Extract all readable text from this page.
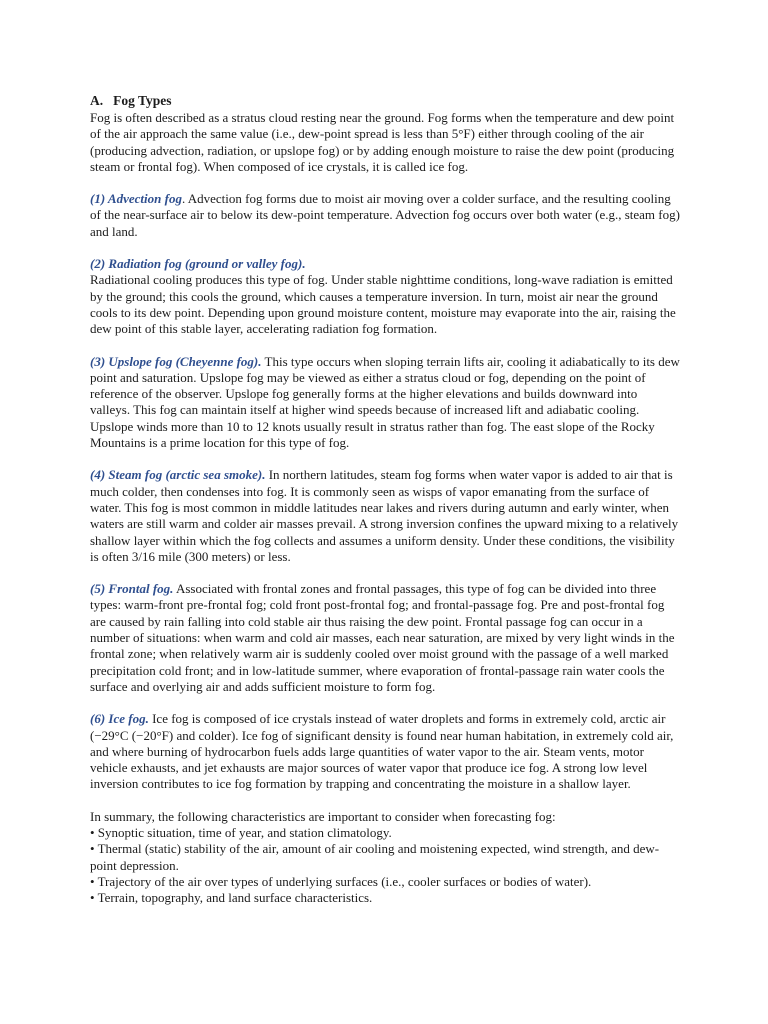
A. Fog Types

Fog is often described as a stratus cloud resting near the ground. Fog forms when the temperature and dew point of the air approach the same value (i.e., dew-point spread is less than 5°F) either through cooling of the air (producing advection, radiation, or upslope fog) or by adding enough moisture to raise the dew point (producing steam or frontal fog). When composed of ice crystals, it is called ice fog.

(1) Advection fog. Advection fog forms due to moist air moving over a colder surface, and the resulting cooling of the near-surface air to below its dew-point temperature. Advection fog occurs over both water (e.g., steam fog) and land.

(2) Radiation fog (ground or valley fog).

Radiational cooling produces this type of fog. Under stable nighttime conditions, long-wave radiation is emitted by the ground; this cools the ground, which causes a temperature inversion. In turn, moist air near the ground cools to its dew point. Depending upon ground moisture content, moisture may evaporate into the air, raising the dew point of this stable layer, accelerating radiation fog formation.

(3) Upslope fog (Cheyenne fog). This type occurs when sloping terrain lifts air, cooling it adiabatically to its dew point and saturation. Upslope fog may be viewed as either a stratus cloud or fog, depending on the point of reference of the observer. Upslope fog generally forms at the higher elevations and builds downward into valleys. This fog can maintain itself at higher wind speeds because of increased lift and adiabatic cooling. Upslope winds more than 10 to 12 knots usually result in stratus rather than fog. The east slope of the Rocky Mountains is a prime location for this type of fog.

(4) Steam fog (arctic sea smoke). In northern latitudes, steam fog forms when water vapor is added to air that is much colder, then condenses into fog. It is commonly seen as wisps of vapor emanating from the surface of water. This fog is most common in middle latitudes near lakes and rivers during autumn and early winter, when waters are still warm and colder air masses prevail. A strong inversion confines the upward mixing to a relatively shallow layer within which the fog collects and assumes a uniform density. Under these conditions, the visibility is often 3/16 mile (300 meters) or less.

(5) Frontal fog. Associated with frontal zones and frontal passages, this type of fog can be divided into three types: warm-front pre-frontal fog; cold front post-frontal fog; and frontal-passage fog. Pre and post-frontal fog are caused by rain falling into cold stable air thus raising the dew point. Frontal passage fog can occur in a number of situations: when warm and cold air masses, each near saturation, are mixed by very light winds in the frontal zone; when relatively warm air is suddenly cooled over moist ground with the passage of a well marked precipitation cold front; and in low-latitude summer, where evaporation of frontal-passage rain water cools the surface and overlying air and adds sufficient moisture to form fog.

(6) Ice fog. Ice fog is composed of ice crystals instead of water droplets and forms in extremely cold, arctic air (−29°C (−20°F) and colder). Ice fog of significant density is found near human habitation, in extremely cold air, and where burning of hydrocarbon fuels adds large quantities of water vapor to the air. Steam vents, motor vehicle exhausts, and jet exhausts are major sources of water vapor that produce ice fog. A strong low level inversion contributes to ice fog formation by trapping and concentrating the moisture in a shallow layer.

In summary, the following characteristics are important to consider when forecasting fog:

• Synoptic situation, time of year, and station climatology.
• Thermal (static) stability of the air, amount of air cooling and moistening expected, wind strength, and dew-point depression.
• Trajectory of the air over types of underlying surfaces (i.e., cooler surfaces or bodies of water).
• Terrain, topography, and land surface characteristics.
